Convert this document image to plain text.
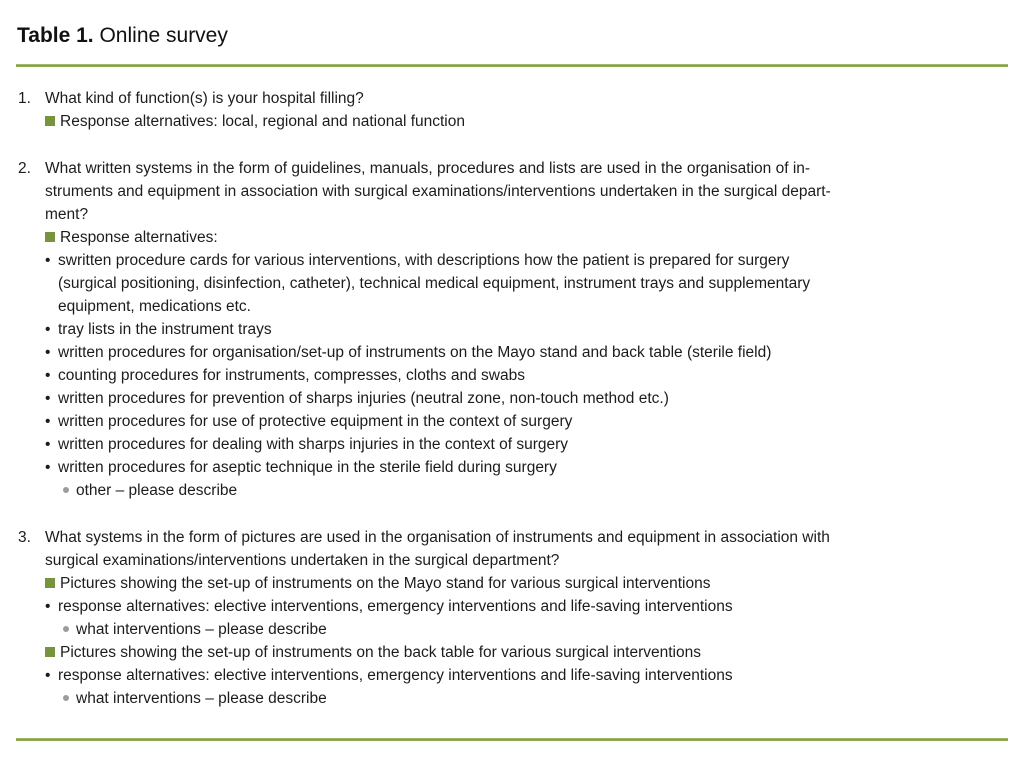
Table 1. Online survey
1. What kind of function(s) is your hospital filling?
Response alternatives: local, regional and national function
2. What written systems in the form of guidelines, manuals, procedures and lists are used in the organisation of in-
struments and equipment in association with surgical examinations/interventions undertaken in the surgical depart-
ment?
Response alternatives:
• swritten procedure cards for various interventions, with descriptions how the patient is prepared for surgery
(surgical positioning, disinfection, catheter), technical medical equipment, instrument trays and supplementary
equipment, medications etc.
• tray lists in the instrument trays
• written procedures for organisation/set-up of instruments on the Mayo stand and back table (sterile field)
• counting procedures for instruments, compresses, cloths and swabs
• written procedures for prevention of sharps injuries (neutral zone, non-touch method etc.)
• written procedures for use of protective equipment in the context of surgery
• written procedures for dealing with sharps injuries in the context of surgery
• written procedures for aseptic technique in the sterile field during surgery
other – please describe
3. What systems in the form of pictures are used in the organisation of instruments and equipment in association with
surgical examinations/interventions undertaken in the surgical department?
Pictures showing the set-up of instruments on the Mayo stand for various surgical interventions
• response alternatives: elective interventions, emergency interventions and life-saving interventions
what interventions – please describe
Pictures showing the set-up of instruments on the back table for various surgical interventions
• response alternatives: elective interventions, emergency interventions and life-saving interventions
what interventions – please describe
